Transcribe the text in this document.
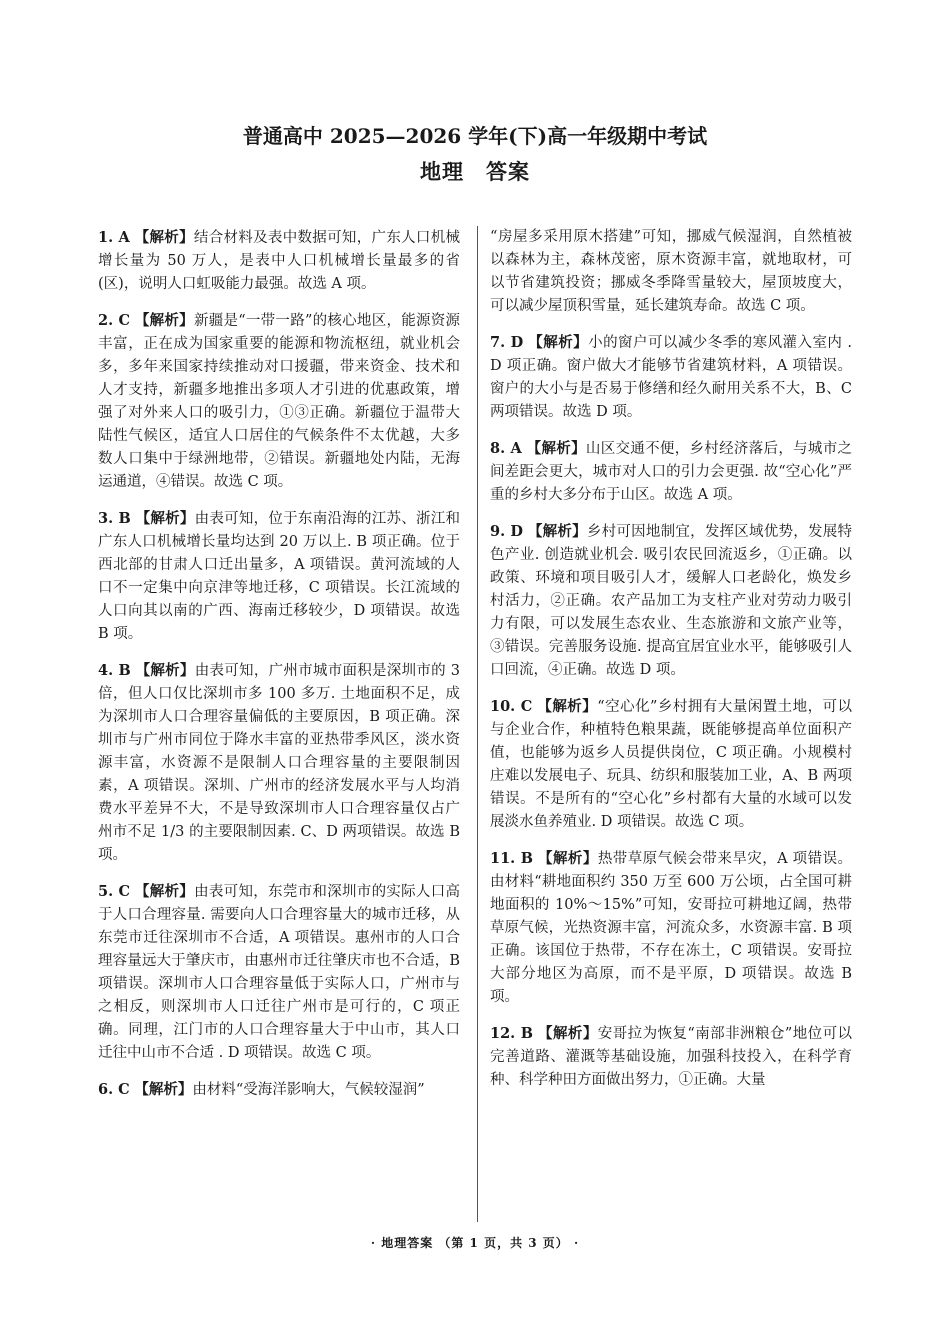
普通高中 2025—2026 学年(下)高一年级期中考试
地理　答案

1. A 【解析】结合材料及表中数据可知，广东人口机械增长量为 50 万人，是表中人口机械增长量最多的省(区)，说明人口虹吸能力最强。故选 A 项。

2. C 【解析】新疆是“一带一路”的核心地区，能源资源丰富，正在成为国家重要的能源和物流枢纽，就业机会多，多年来国家持续推动对口援疆，带来资金、技术和人才支持，新疆多地推出多项人才引进的优惠政策，增强了对外来人口的吸引力，①③正确。新疆位于温带大陆性气候区，适宜人口居住的气候条件不太优越，大多数人口集中于绿洲地带，②错误。新疆地处内陆，无海运通道，④错误。故选 C 项。

3. B 【解析】由表可知，位于东南沿海的江苏、浙江和广东人口机械增长量均达到 20 万以上. B 项正确。位于西北部的甘肃人口迁出量多，A 项错误。黄河流域的人口不一定集中向京津等地迁移，C 项错误。长江流域的人口向其以南的广西、海南迁移较少，D 项错误。故选 B 项。

4. B 【解析】由表可知，广州市城市面积是深圳市的 3 倍，但人口仅比深圳市多 100 多万. 土地面积不足，成为深圳市人口合理容量偏低的主要原因，B 项正确。深圳市与广州市同位于降水丰富的亚热带季风区，淡水资源丰富，水资源不是限制人口合理容量的主要限制因素，A 项错误。深圳、广州市的经济发展水平与人均消费水平差异不大，不是导致深圳市人口合理容量仅占广州市不足 1/3 的主要限制因素. C、D 两项错误。故选 B 项。

5. C 【解析】由表可知，东莞市和深圳市的实际人口高于人口合理容量. 需要向人口合理容量大的城市迁移，从东莞市迁往深圳市不合适，A 项错误。惠州市的人口合理容量远大于肇庆市，由惠州市迁往肇庆市也不合适，B 项错误。深圳市人口合理容量低于实际人口，广州市与之相反，则深圳市人口迁往广州市是可行的，C 项正确。同理，江门市的人口合理容量大于中山市，其人口迁往中山市不合适 . D 项错误。故选 C 项。

6. C 【解析】由材料“受海洋影响大，气候较湿润”

“房屋多采用原木搭建”可知，挪威气候湿润，自然植被以森林为主，森林茂密，原木资源丰富，就地取材，可以节省建筑投资；挪威冬季降雪量较大，屋顶坡度大，可以减少屋顶积雪量，延长建筑寿命。故选 C 项。

7. D 【解析】小的窗户可以减少冬季的寒风灌入室内 . D 项正确。窗户做大才能够节省建筑材料，A 项错误。窗户的大小与是否易于修缮和经久耐用关系不大，B、C 两项错误。故选 D 项。

8. A 【解析】山区交通不便，乡村经济落后，与城市之间差距会更大，城市对人口的引力会更强. 故“空心化”严重的乡村大多分布于山区。故选 A 项。

9. D 【解析】乡村可因地制宜，发挥区域优势，发展特色产业. 创造就业机会. 吸引农民回流返乡，①正确。以政策、环境和项目吸引人才，缓解人口老龄化，焕发乡村活力，②正确。农产品加工为支柱产业对劳动力吸引力有限，可以发展生态农业、生态旅游和文旅产业等，③错误。完善服务设施. 提高宜居宜业水平，能够吸引人口回流，④正确。故选 D 项。

10. C 【解析】“空心化”乡村拥有大量闲置土地，可以与企业合作，种植特色粮果蔬，既能够提高单位面积产值，也能够为返乡人员提供岗位，C 项正确。小规模村庄难以发展电子、玩具、纺织和服装加工业，A、B 两项错误。不是所有的“空心化”乡村都有大量的水域可以发展淡水鱼养殖业. D 项错误。故选 C 项。

11. B 【解析】热带草原气候会带来旱灾，A 项错误。由材料“耕地面积约 350 万至 600 万公顷，占全国可耕地面积的 10%～15%”可知，安哥拉可耕地辽阔，热带草原气候，光热资源丰富，河流众多，水资源丰富. B 项正确。该国位于热带，不存在冻土，C 项错误。安哥拉大部分地区为高原，而不是平原，D 项错误。故选 B 项。

12. B 【解析】安哥拉为恢复“南部非洲粮仓”地位可以完善道路、灌溉等基础设施，加强科技投入，在科学育种、科学种田方面做出努力，①正确。大量

· 地理答案 （第 1 页，共 3 页） ·
